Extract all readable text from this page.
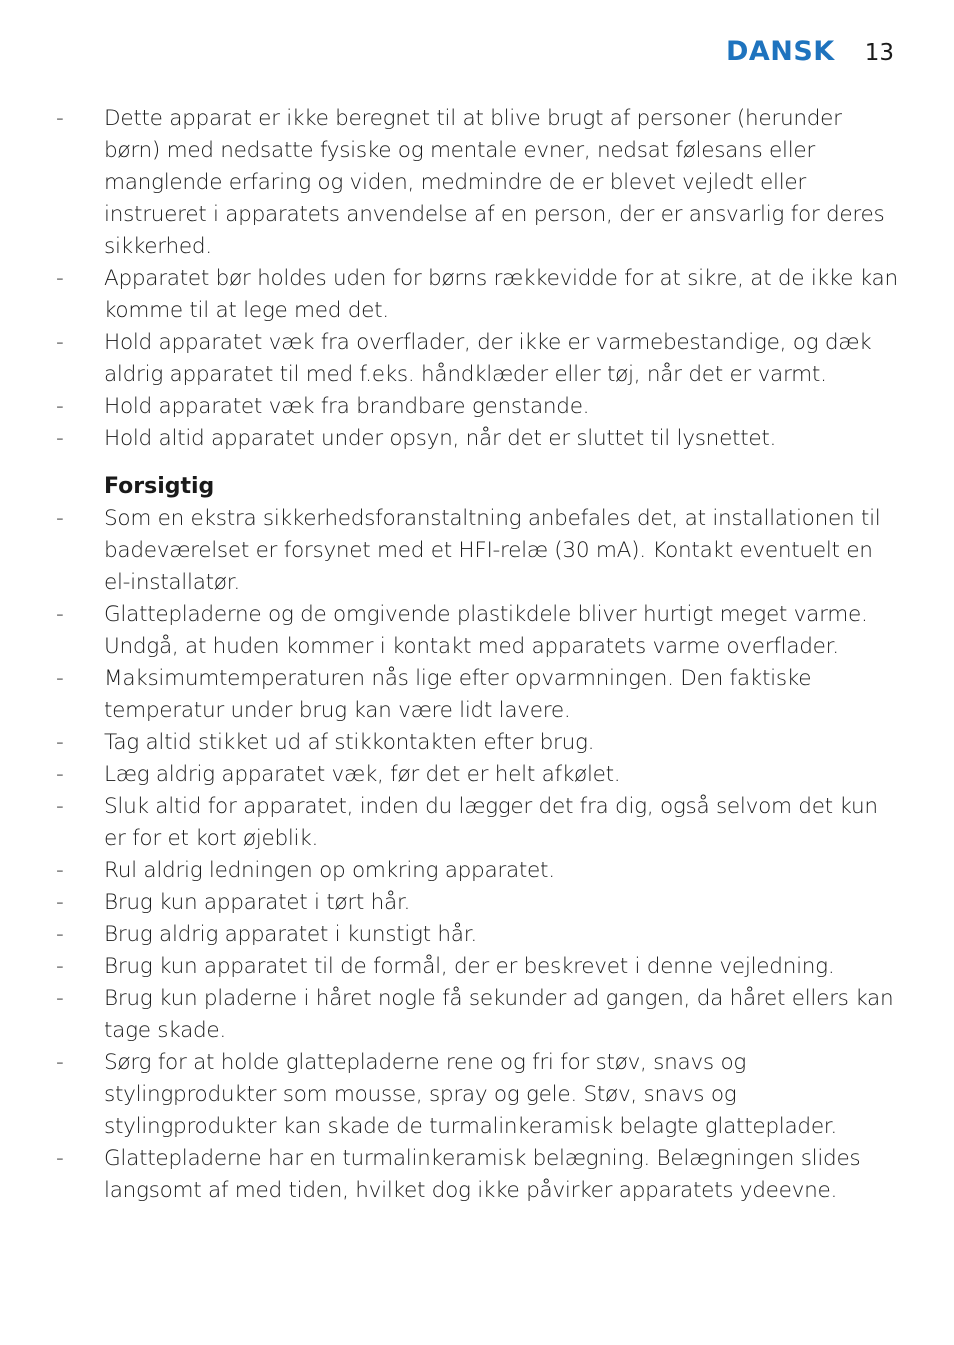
DANSK 13
-	Dette apparat er ikke beregnet til at blive brugt af personer (herunder børn) med nedsatte fysiske og mentale evner, nedsat følesans eller manglende erfaring og viden, medmindre de er blevet vejledt eller instrueret i apparatets anvendelse af en person, der er ansvarlig for deres sikkerhed.
-	Apparatet bør holdes uden for børns rækkevidde for at sikre, at de ikke kan komme til at lege med det.
-	Hold apparatet væk fra overflader, der ikke er varmebestandige, og dæk aldrig apparatet til med f.eks. håndklæder eller tøj, når det er varmt.
-	Hold apparatet væk fra brandbare genstande.
-	Hold altid apparatet under opsyn, når det er sluttet til lysnettet.
Forsigtig
-	Som en ekstra sikkerhedsforanstaltning anbefales det, at installationen til badeværelset er forsynet med et HFI-relæ (30 mA). Kontakt eventuelt en el-installatør.
-	Glattepladerne og de omgivende plastikdele bliver hurtigt meget varme. Undgå, at huden kommer i kontakt med apparatets varme overflader.
-	Maksimumtemperaturen nås lige efter opvarmningen. Den faktiske temperatur under brug kan være lidt lavere.
-	Tag altid stikket ud af stikkontakten efter brug.
-	Læg aldrig apparatet væk, før det er helt afkølet.
-	Sluk altid for apparatet, inden du lægger det fra dig, også selvom det kun er for et kort øjeblik.
-	Rul aldrig ledningen op omkring apparatet.
-	Brug kun apparatet i tørt hår.
-	Brug aldrig apparatet i kunstigt hår.
-	Brug kun apparatet til de formål, der er beskrevet i denne vejledning.
-	Brug kun pladerne i håret nogle få sekunder ad gangen, da håret ellers kan tage skade.
-	Sørg for at holde glattepladerne rene og fri for støv, snavs og stylingprodukter som mousse, spray og gele. Støv, snavs og stylingprodukter kan skade de turmalinkeramisk belagte glatteplader.
-	Glattepladerne har en turmalinkeramisk belægning. Belægningen slides langsomt af med tiden, hvilket dog ikke påvirker apparatets ydeevne.
